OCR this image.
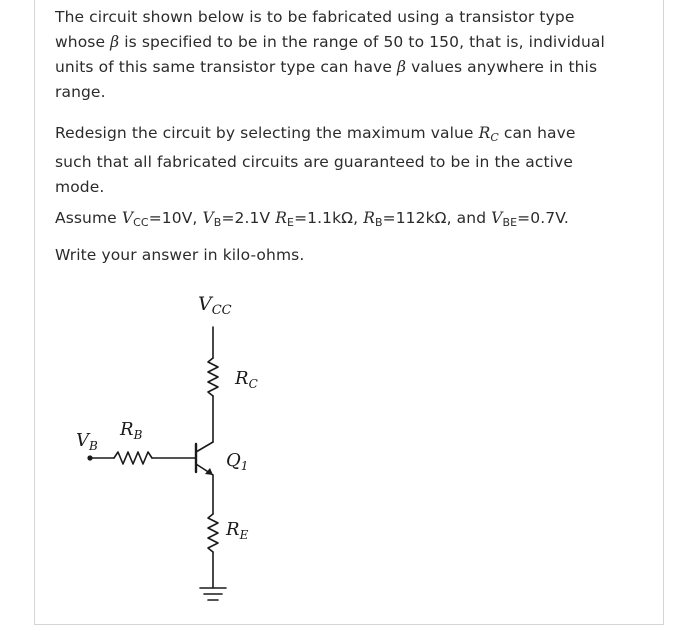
The circuit shown below is to be fabricated using a transistor type
whose β is specified to be in the range of 50 to 150, that is, individual
units of this same transistor type can have β values anywhere in this
range.
Redesign the circuit by selecting the maximum value $R_C$ can have
such that all fabricated circuits are guaranteed to be in the active
mode.
Assume $V_{CC}=10V$, $V_B=2.1V$ $R_E=1.1k\Omega$, $R_B=112k\Omega$, and $V_{BE}=0.7V$.
Write your answer in kilo-ohms.
$V_{CC}$
$R_C$
$R_B$
$V_B$
$Q_1$
$R_E$
